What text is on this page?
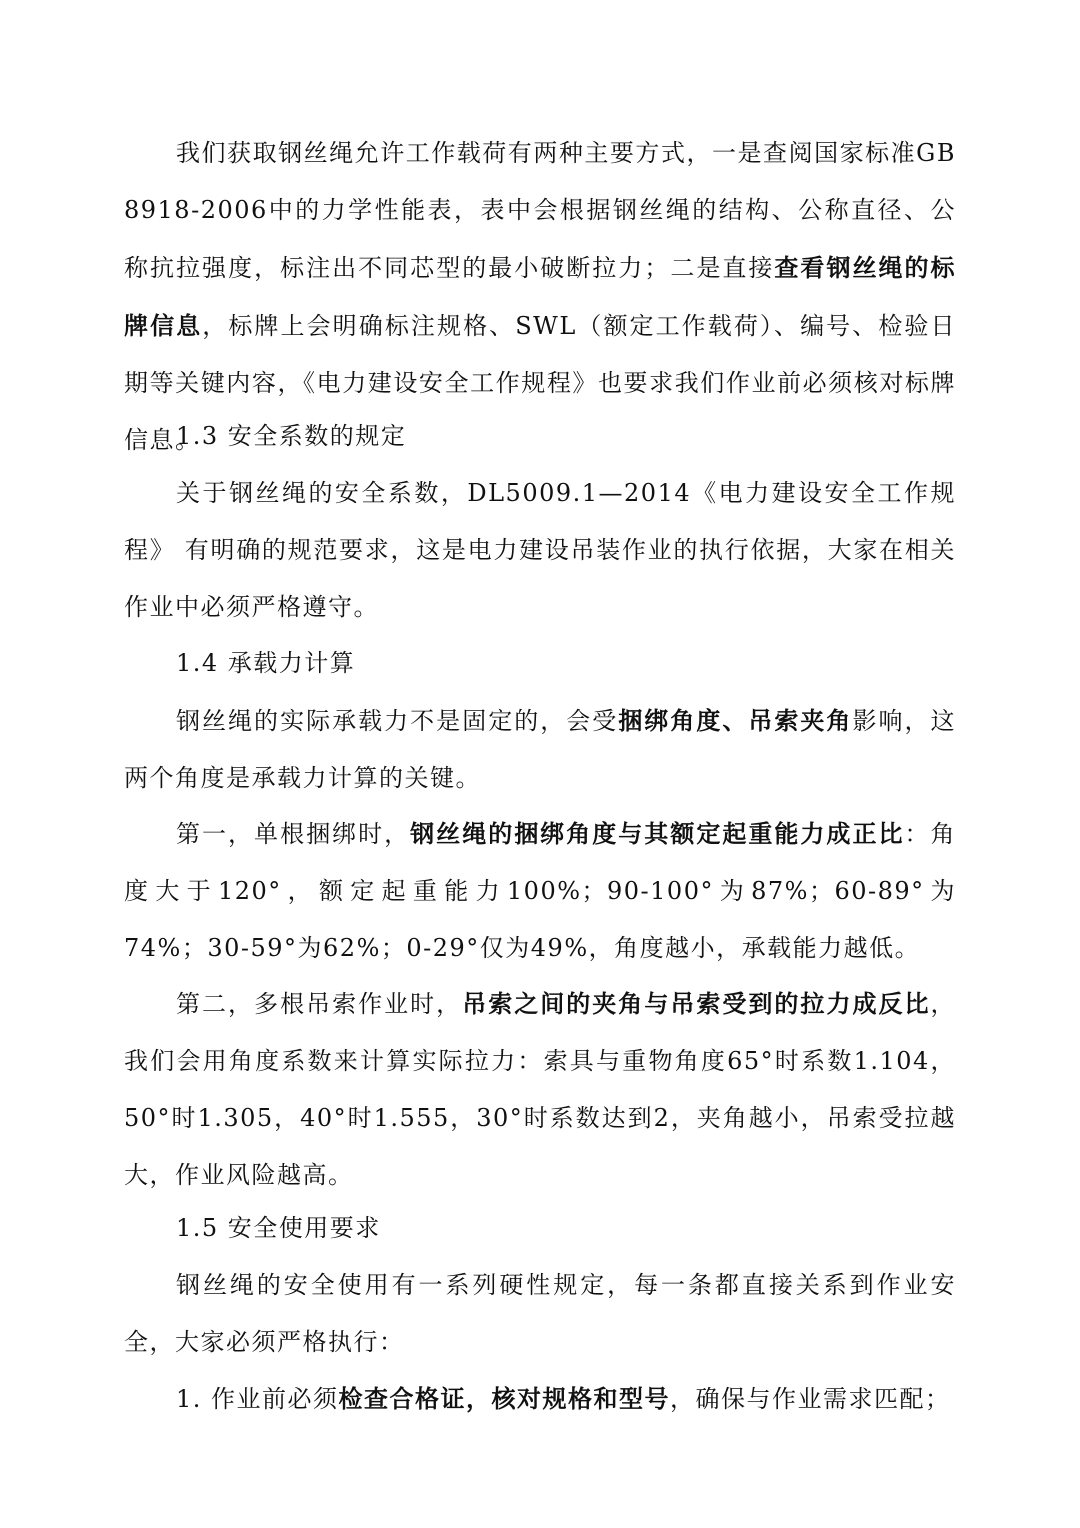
我们获取钢丝绳允许工作载荷有两种主要方式，一是查阅国家标准GB 8918-2006中的力学性能表，表中会根据钢丝绳的结构、公称直径、公称抗拉强度，标注出不同芯型的最小破断拉力；二是直接查看钢丝绳的标牌信息，标牌上会明确标注规格、SWL（额定工作载荷）、编号、检验日期等关键内容，《电力建设安全工作规程》也要求我们作业前必须核对标牌信息。

1.3 安全系数的规定

关于钢丝绳的安全系数，DL5009.1—2014《电力建设安全工作规程》 有明确的规范要求，这是电力建设吊装作业的执行依据，大家在相关作业中必须严格遵守。

1.4 承载力计算

钢丝绳的实际承载力不是固定的，会受捆绑角度、吊索夹角影响，这两个角度是承载力计算的关键。

第一，单根捆绑时，钢丝绳的捆绑角度与其额定起重能力成正比：角度大于120°，额定起重能力100%；90-100°为87%；60-89°为74%；30-59°为62%；0-29°仅为49%，角度越小，承载能力越低。

第二，多根吊索作业时，吊索之间的夹角与吊索受到的拉力成反比，我们会用角度系数来计算实际拉力：索具与重物角度65°时系数1.104，50°时1.305，40°时1.555，30°时系数达到2，夹角越小，吊索受拉越大，作业风险越高。

1.5 安全使用要求

钢丝绳的安全使用有一系列硬性规定，每一条都直接关系到作业安全，大家必须严格执行：

1. 作业前必须检查合格证，核对规格和型号，确保与作业需求匹配；
